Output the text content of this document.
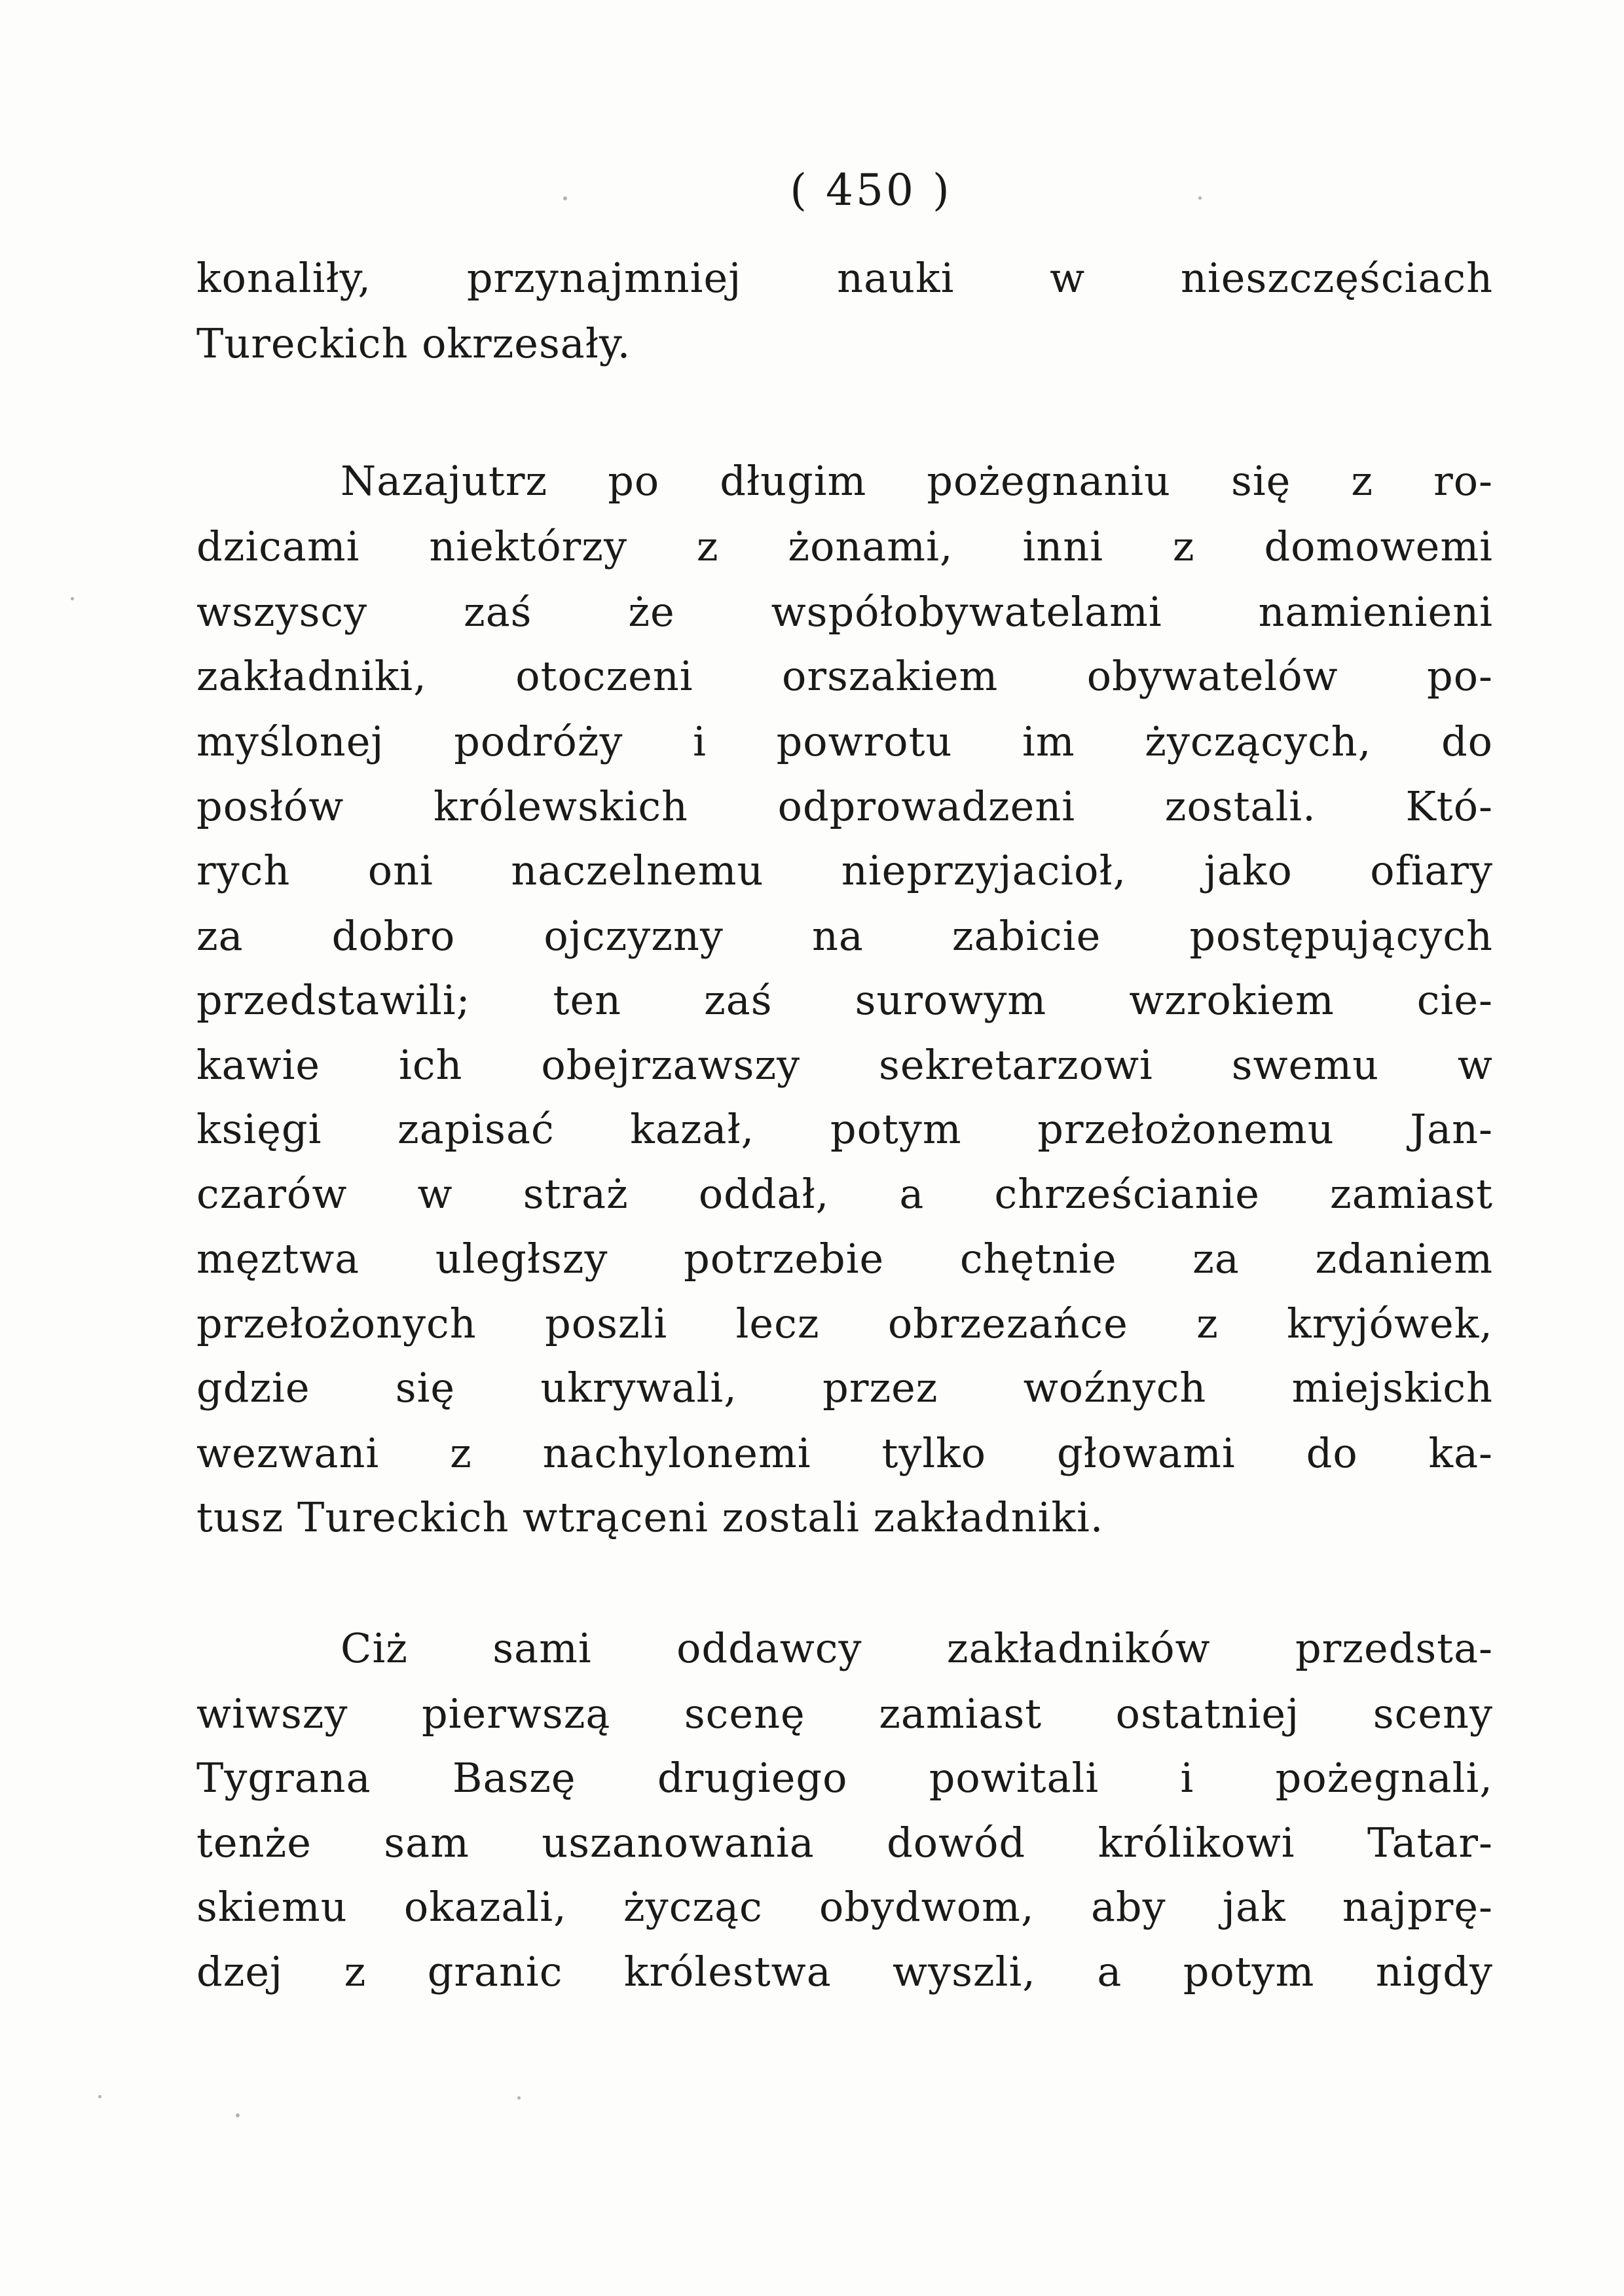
( 450 )
konaliły, przynajmniej nauki w nieszczęściach
Tureckich okrzesały.
Nazajutrz po długim pożegnaniu się z ro-
dzicami niektórzy z żonami, inni z domowemi
wszyscy zaś że współobywatelami namienieni
zakładniki, otoczeni orszakiem obywatelów po-
myślonej podróży i powrotu im życzących, do
posłów królewskich odprowadzeni zostali. Któ-
rych oni naczelnemu nieprzyjacioł, jako ofiary
za dobro ojczyzny na zabicie postępujących
przedstawili; ten zaś surowym wzrokiem cie-
kawie ich obejrzawszy sekretarzowi swemu w
księgi zapisać kazał, potym przełożonemu Jan-
czarów w straż oddał, a chrześcianie zamiast
męztwa uległszy potrzebie chętnie za zdaniem
przełożonych poszli lecz obrzezańce z kryjówek,
gdzie się ukrywali, przez woźnych miejskich
wezwani z nachylonemi tylko głowami do ka-
tusz Tureckich wtrąceni zostali zakładniki.
Ciż sami oddawcy zakładników przedsta-
wiwszy pierwszą scenę zamiast ostatniej sceny
Tygrana Baszę drugiego powitali i pożegnali,
tenże sam uszanowania dowód królikowi Tatar-
skiemu okazali, życząc obydwom, aby jak najprę-
dzej z granic królestwa wyszli, a potym nigdy
